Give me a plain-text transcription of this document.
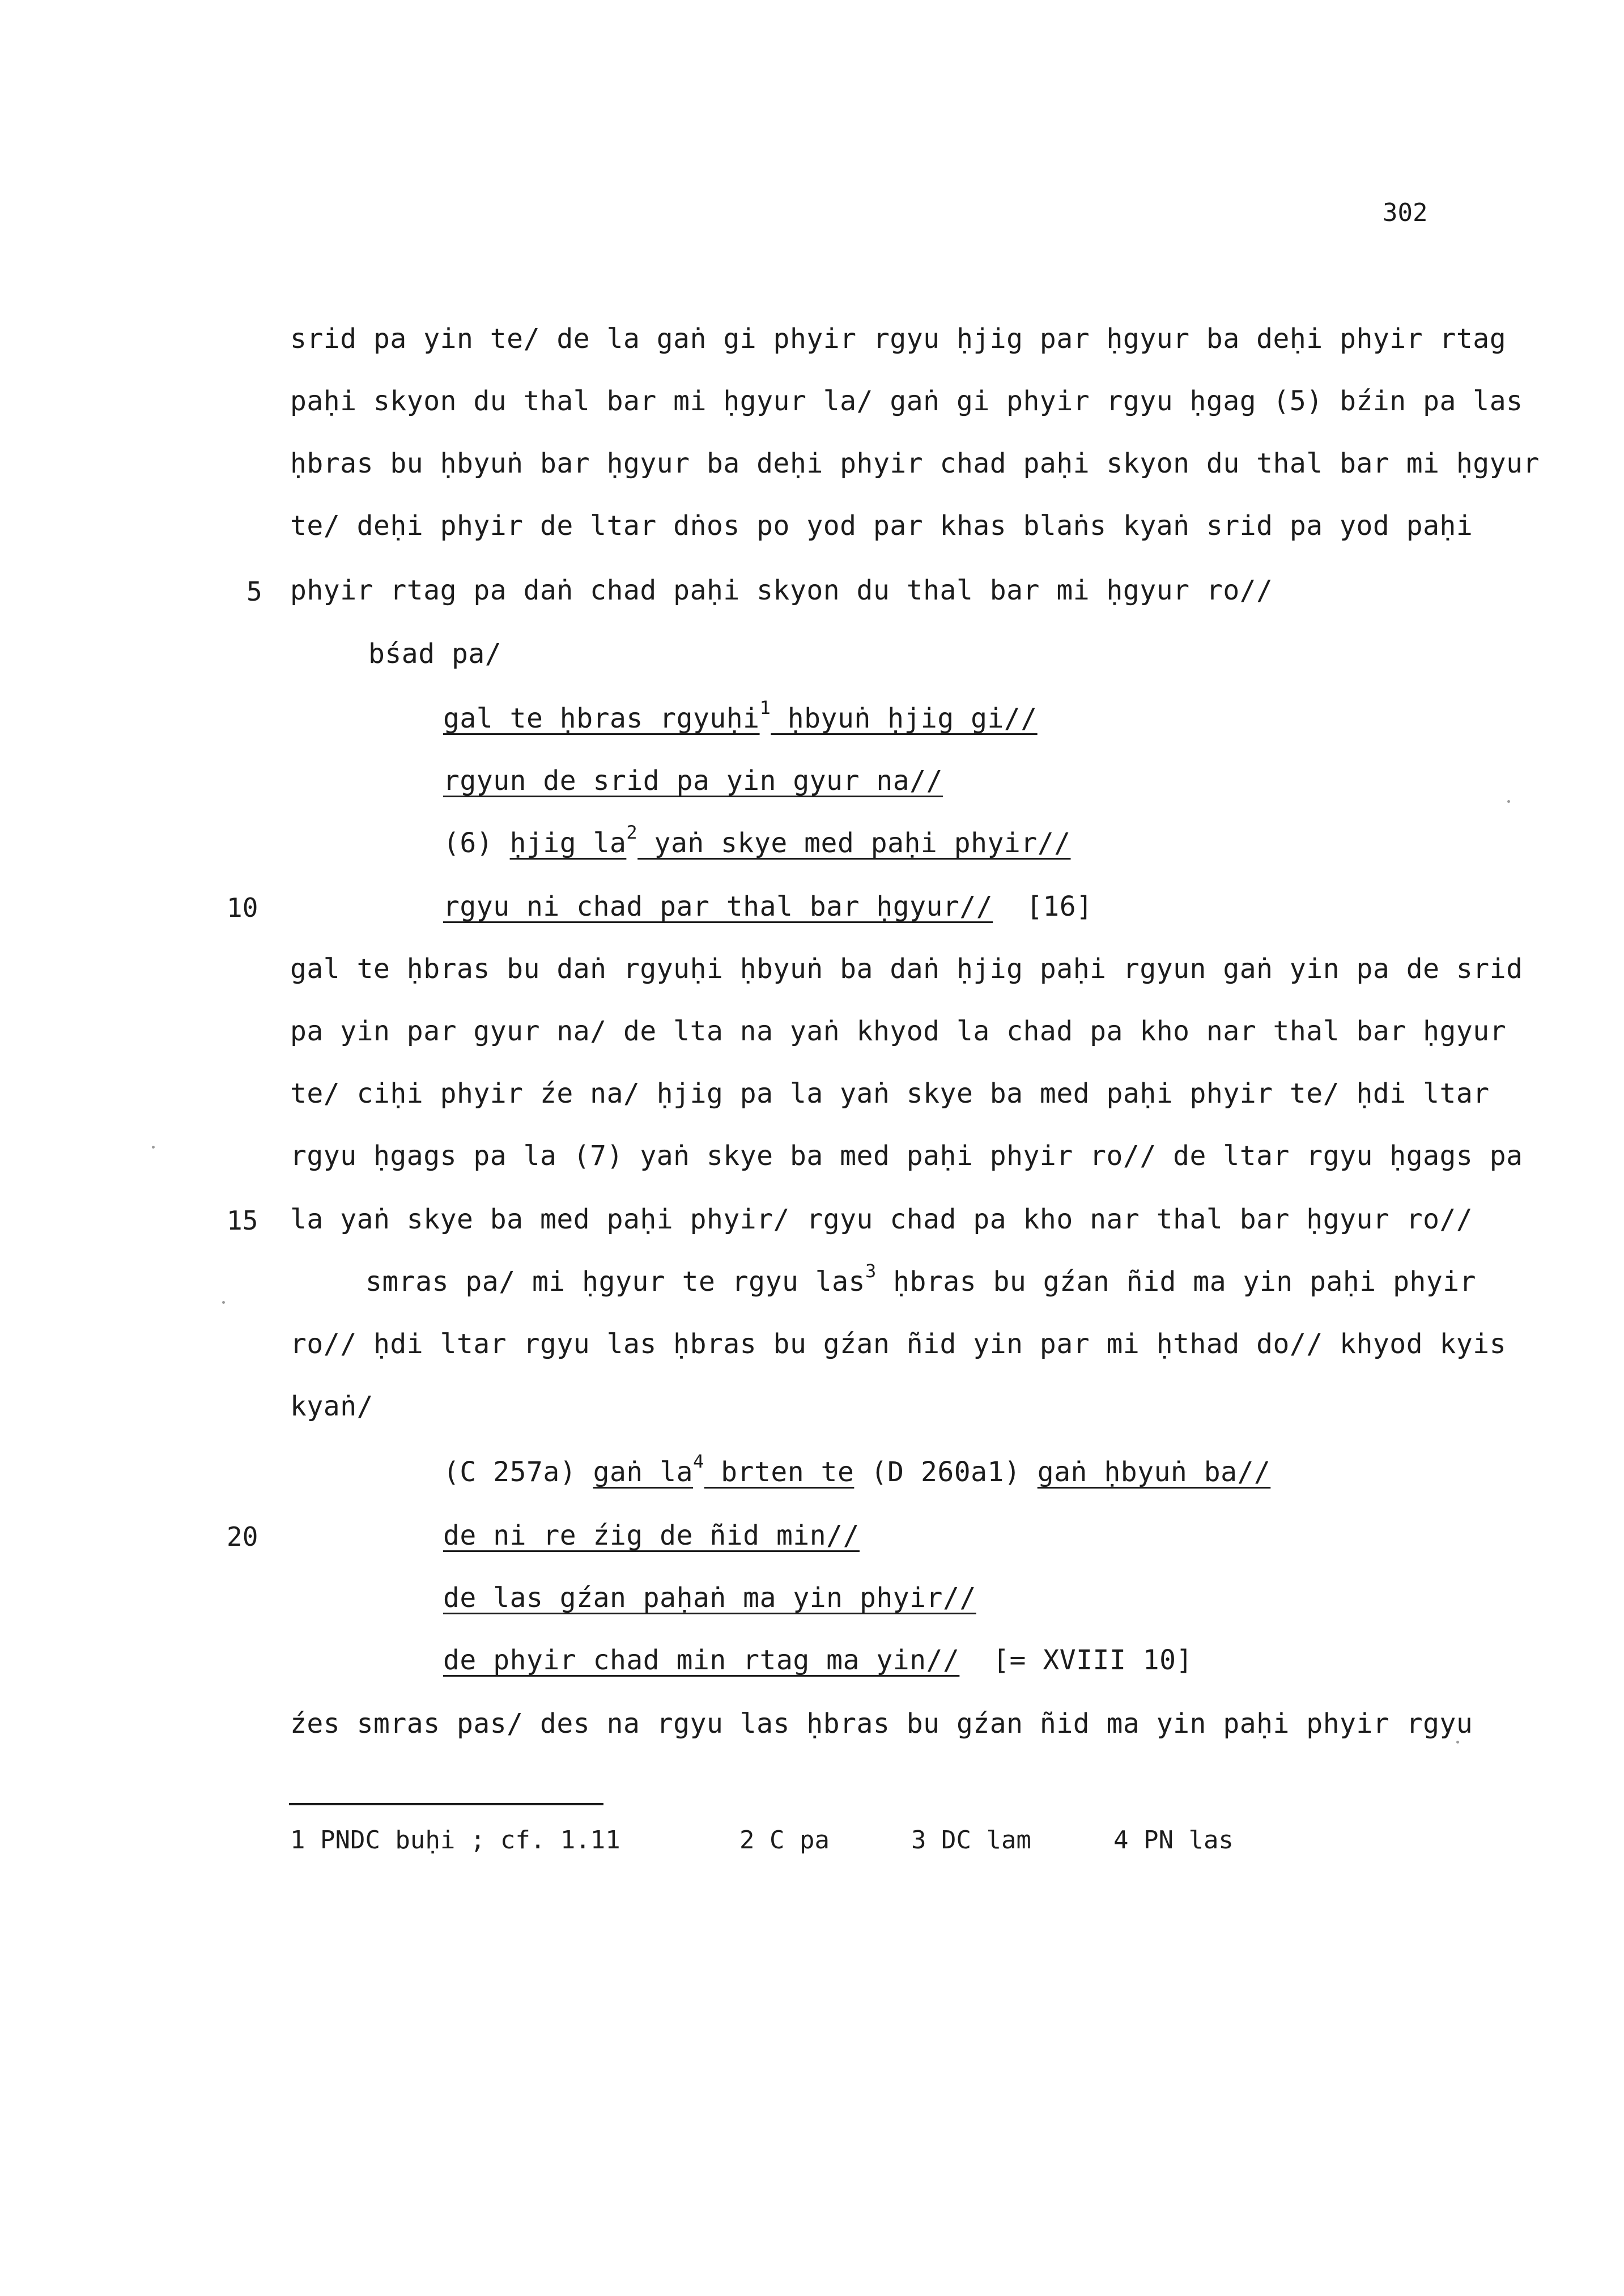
302
srid pa yin te/ de la gaṅ gi phyir rgyu ḥjig par ḥgyur ba deḥi phyir rtag
paḥi skyon du thal bar mi ḥgyur la/ gaṅ gi phyir rgyu ḥgag (5) bźin pa las
ḥbras bu ḥbyuṅ bar ḥgyur ba deḥi phyir chad paḥi skyon du thal bar mi ḥgyur
te/ deḥi phyir de ltar dṅos po yod par khas blaṅs kyaṅ srid pa yod paḥi
5 phyir rtag pa daṅ chad paḥi skyon du thal bar mi ḥgyur ro//
bśad pa/
gal te ḥbras rgyuḥi$^1$ ḥbyuṅ ḥjig gi//
rgyun de srid pa yin gyur na//
(6) ḥjig $la^2$ yaṅ skye med paḥi phyir//
10	rgyu ni chad par thal bar ḥgyur// [16]
gal te ḥbras bu daṅ rgyuḥi ḥbyuṅ ba daṅ ḥjig paḥi rgyun gaṅ yin pa de srid
pa yin par gyur na/ de lta na yaṅ khyod la chad pa kho nar thal bar ḥgyur
te/ ciḥi phyir źe na/ ḥjig pa la yaṅ skye ba med paḥi phyir te/ ḥdi ltar
rgyu ḥgags pa la (7) yaṅ skye ba med paḥi phyir ro// de ltar rgyu ḥgags pa
15 la yaṅ skye ba med paḥi phyir/ rgyu chad pa kho nar thal bar ḥgyur ro//
smras pa/ mi ḥgyur te rgyu las$^3$ ḥbras bu gźan ñid ma yin paḥi phyir
ro// ḥdi ltar rgyu las ḥbras bu gźan ñid yin par mi ḥthad do// khyod kyis
kyaṅ/
(C 257a) gaṅ $la^4$ brten te (D 260a1) gaṅ ḥbyuṅ ba//
20	de ni re źig de ñid min//
de las gźan paḥaṅ ma yin phyir//
de phyir chad min rtag ma yin// [= XVIII 10]
źes smras pas/ des na rgyu las ḥbras bu gźan ñid ma yin paḥi phyir rgyu
1 PNDC buḥi ; cf. 1.11	2 C pa	3 DC lam	4 PN las
